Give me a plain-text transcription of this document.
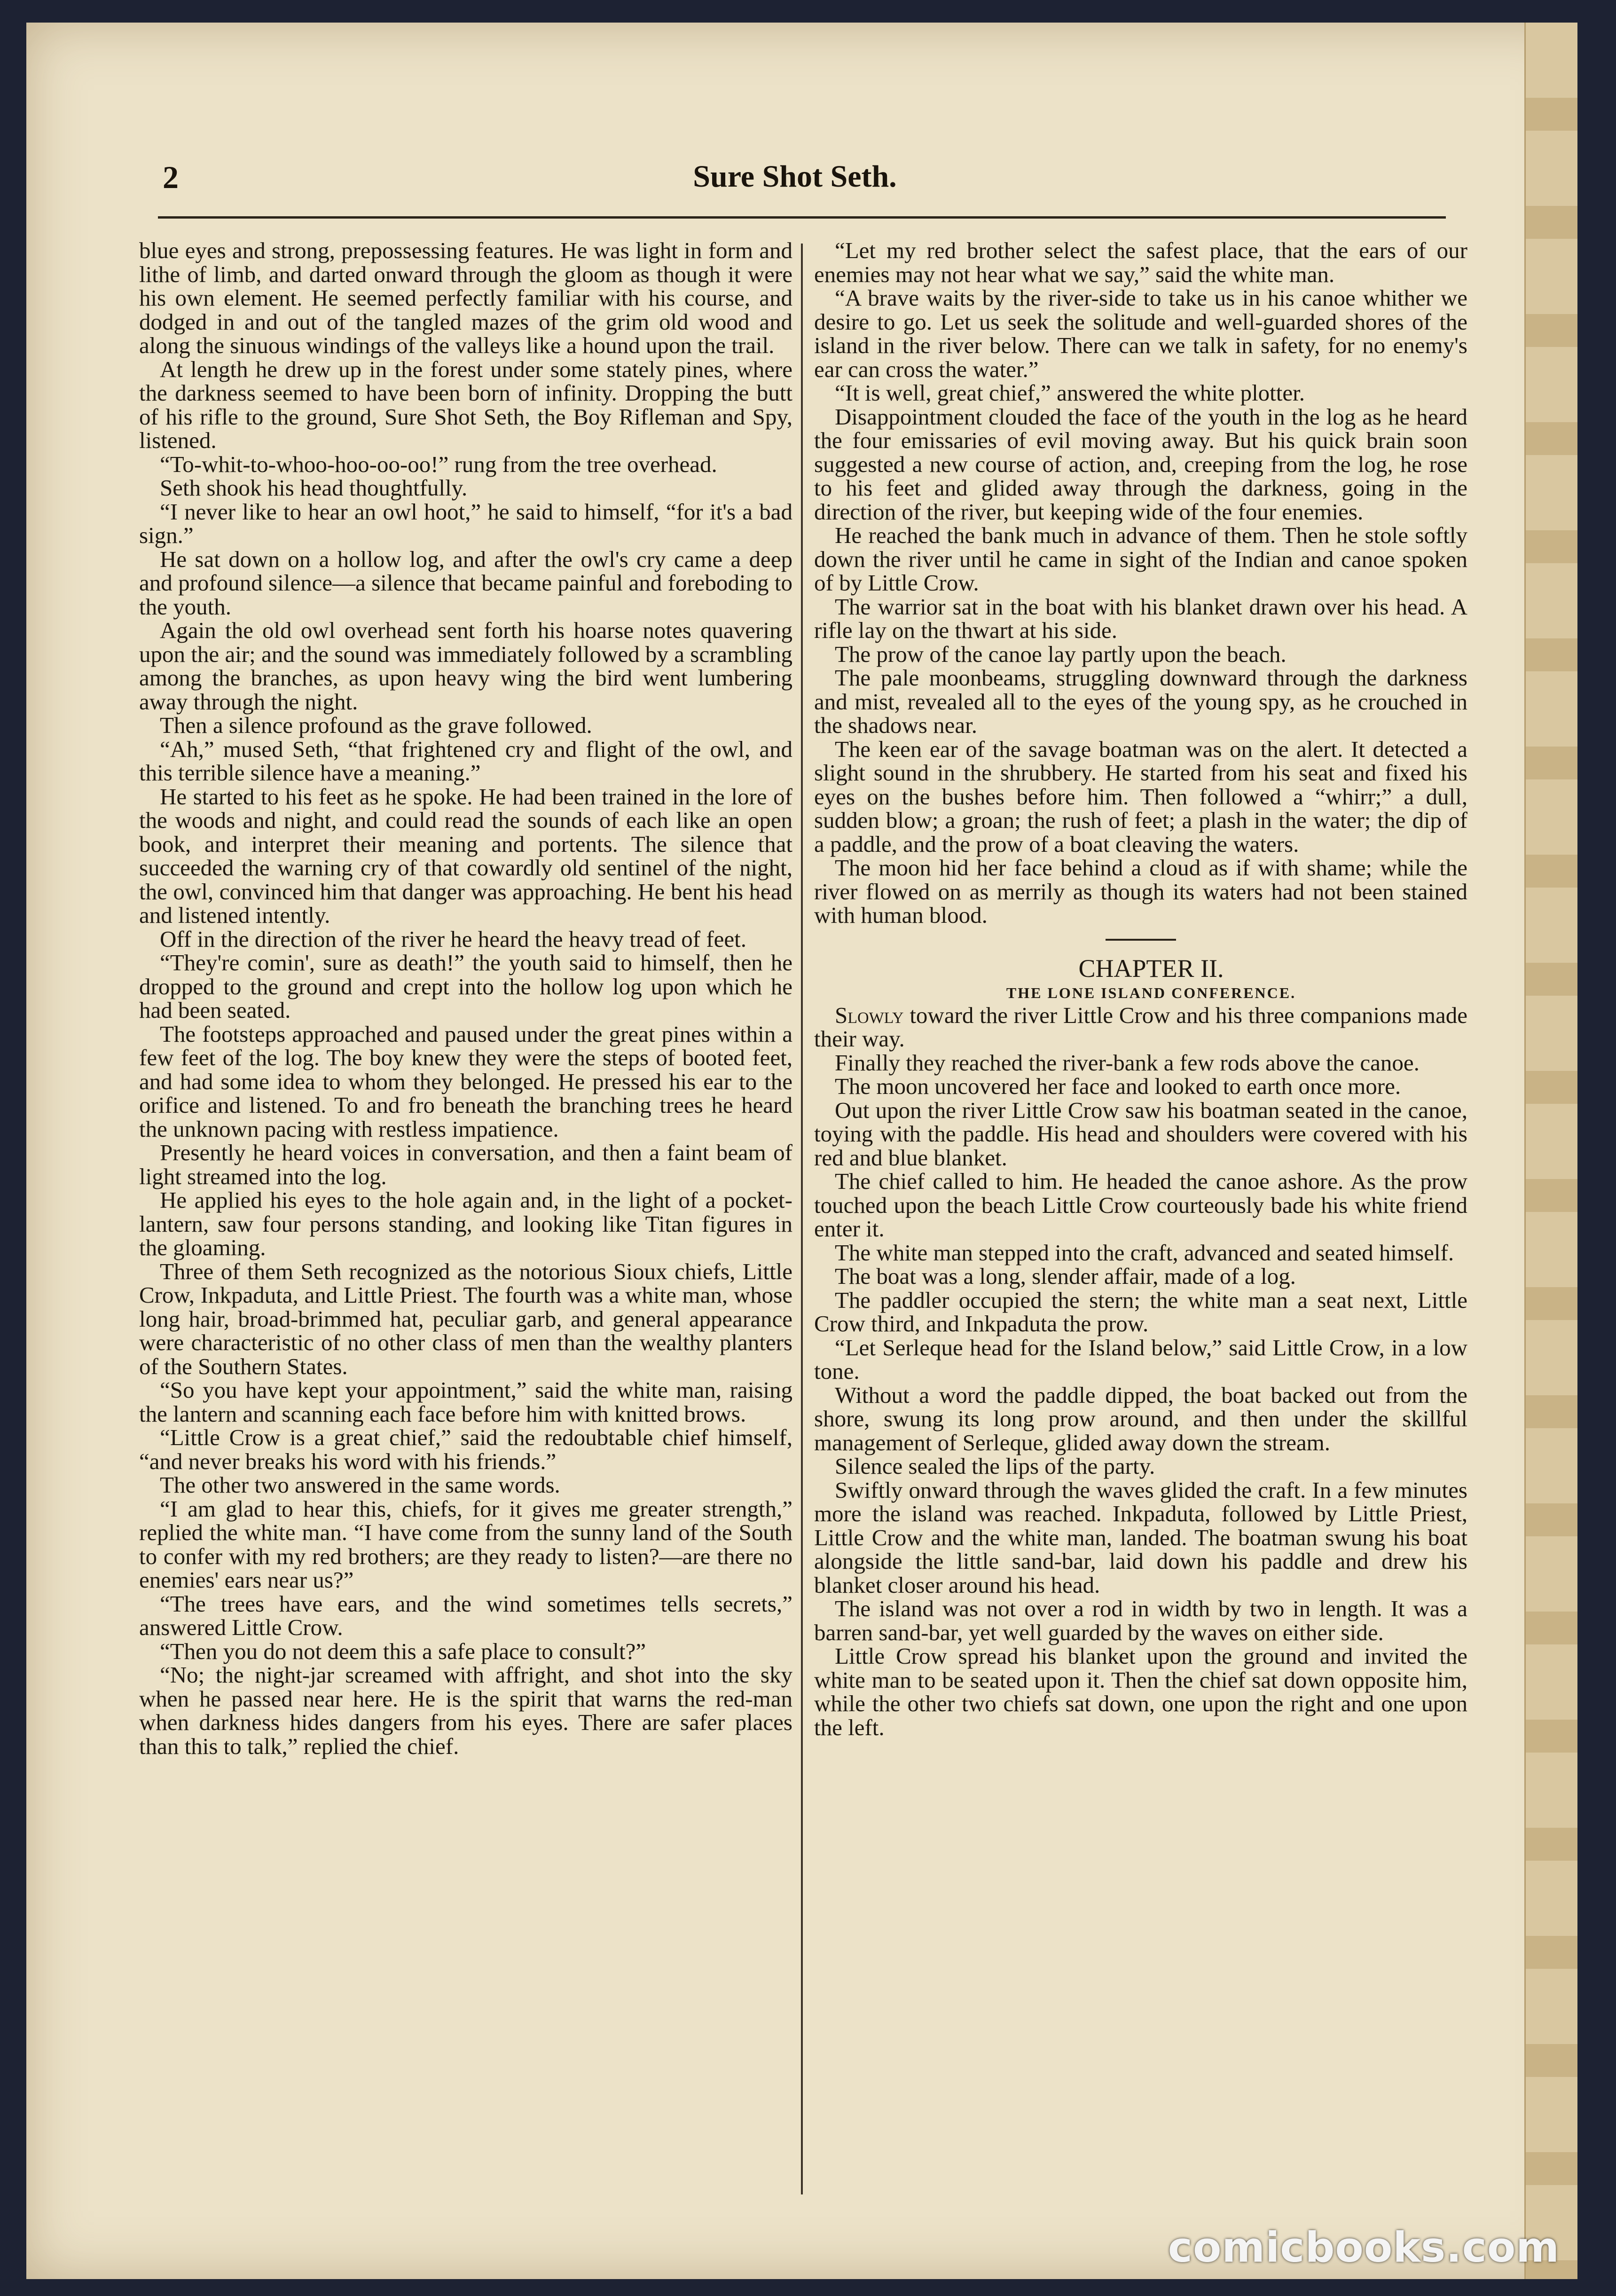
2	Sure Shot Seth.

blue eyes and strong, prepossessing features. He was light in form and lithe of limb, and darted onward through the gloom as though it were his own element. He seemed perfectly familiar with his course, and dodged in and out of the tangled mazes of the grim old wood and along the sinuous windings of the valleys like a hound upon the trail.

At length he drew up in the forest under some stately pines, where the darkness seemed to have been born of infinity. Dropping the butt of his rifle to the ground, Sure Shot Seth, the Boy Rifleman and Spy, listened.

“To-whit-to-whoo-hoo-oo-oo!” rung from the tree overhead.

Seth shook his head thoughtfully.

“I never like to hear an owl hoot,” he said to himself, “for it's a bad sign.”

He sat down on a hollow log, and after the owl's cry came a deep and profound silence—a silence that became painful and foreboding to the youth.

Again the old owl overhead sent forth his hoarse notes quavering upon the air; and the sound was immediately followed by a scrambling among the branches, as upon heavy wing the bird went lumbering away through the night.

Then a silence profound as the grave followed.

“Ah,” mused Seth, “that frightened cry and flight of the owl, and this terrible silence have a meaning.”

He started to his feet as he spoke. He had been trained in the lore of the woods and night, and could read the sounds of each like an open book, and interpret their meaning and portents. The silence that succeeded the warning cry of that cowardly old sentinel of the night, the owl, convinced him that danger was approaching. He bent his head and listened intently.

Off in the direction of the river he heard the heavy tread of feet.

“They're comin', sure as death!” the youth said to himself, then he dropped to the ground and crept into the hollow log upon which he had been seated.

The footsteps approached and paused under the great pines within a few feet of the log. The boy knew they were the steps of booted feet, and had some idea to whom they belonged. He pressed his ear to the orifice and listened. To and fro beneath the branching trees he heard the unknown pacing with restless impatience.

Presently he heard voices in conversation, and then a faint beam of light streamed into the log.

He applied his eyes to the hole again and, in the light of a pocket-lantern, saw four persons standing, and looking like Titan figures in the gloaming.

Three of them Seth recognized as the notorious Sioux chiefs, Little Crow, Inkpaduta, and Little Priest. The fourth was a white man, whose long hair, broad-brimmed hat, peculiar garb, and general appearance were characteristic of no other class of men than the wealthy planters of the Southern States.

“So you have kept your appointment,” said the white man, raising the lantern and scanning each face before him with knitted brows.

“Little Crow is a great chief,” said the redoubtable chief himself, “and never breaks his word with his friends.”

The other two answered in the same words.

“I am glad to hear this, chiefs, for it gives me greater strength,” replied the white man. “I have come from the sunny land of the South to confer with my red brothers; are they ready to listen?—are there no enemies' ears near us?”

“The trees have ears, and the wind sometimes tells secrets,” answered Little Crow.

“Then you do not deem this a safe place to consult?”

“No; the night-jar screamed with affright, and shot into the sky when he passed near here. He is the spirit that warns the red-man when darkness hides dangers from his eyes. There are safer places than this to talk,” replied the chief.

“Let my red brother select the safest place, that the ears of our enemies may not hear what we say,” said the white man.

“A brave waits by the river-side to take us in his canoe whither we desire to go. Let us seek the solitude and well-guarded shores of the island in the river below. There can we talk in safety, for no enemy's ear can cross the water.”

“It is well, great chief,” answered the white plotter.

Disappointment clouded the face of the youth in the log as he heard the four emissaries of evil moving away. But his quick brain soon suggested a new course of action, and, creeping from the log, he rose to his feet and glided away through the darkness, going in the direction of the river, but keeping wide of the four enemies.

He reached the bank much in advance of them. Then he stole softly down the river until he came in sight of the Indian and canoe spoken of by Little Crow.

The warrior sat in the boat with his blanket drawn over his head. A rifle lay on the thwart at his side.

The prow of the canoe lay partly upon the beach.

The pale moonbeams, struggling downward through the darkness and mist, revealed all to the eyes of the young spy, as he crouched in the shadows near.

The keen ear of the savage boatman was on the alert. It detected a slight sound in the shrubbery. He started from his seat and fixed his eyes on the bushes before him. Then followed a “whirr;” a dull, sudden blow; a groan; the rush of feet; a plash in the water; the dip of a paddle, and the prow of a boat cleaving the waters.

The moon hid her face behind a cloud as if with shame; while the river flowed on as merrily as though its waters had not been stained with human blood.

CHAPTER II.

THE LONE ISLAND CONFERENCE.

Slowly toward the river Little Crow and his three companions made their way.

Finally they reached the river-bank a few rods above the canoe.

The moon uncovered her face and looked to earth once more.

Out upon the river Little Crow saw his boatman seated in the canoe, toying with the paddle. His head and shoulders were covered with his red and blue blanket.

The chief called to him. He headed the canoe ashore. As the prow touched upon the beach Little Crow courteously bade his white friend enter it.

The white man stepped into the craft, advanced and seated himself.

The boat was a long, slender affair, made of a log.

The paddler occupied the stern; the white man a seat next, Little Crow third, and Inkpaduta the prow.

“Let Serleque head for the Island below,” said Little Crow, in a low tone.

Without a word the paddle dipped, the boat backed out from the shore, swung its long prow around, and then under the skillful management of Serleque, glided away down the stream.

Silence sealed the lips of the party.

Swiftly onward through the waves glided the craft. In a few minutes more the island was reached. Inkpaduta, followed by Little Priest, Little Crow and the white man, landed. The boatman swung his boat alongside the little sand-bar, laid down his paddle and drew his blanket closer around his head.

The island was not over a rod in width by two in length. It was a barren sand-bar, yet well guarded by the waves on either side.

Little Crow spread his blanket upon the ground and invited the white man to be seated upon it. Then the chief sat down opposite him, while the other two chiefs sat down, one upon the right and one upon the left.

comicbooks.com
